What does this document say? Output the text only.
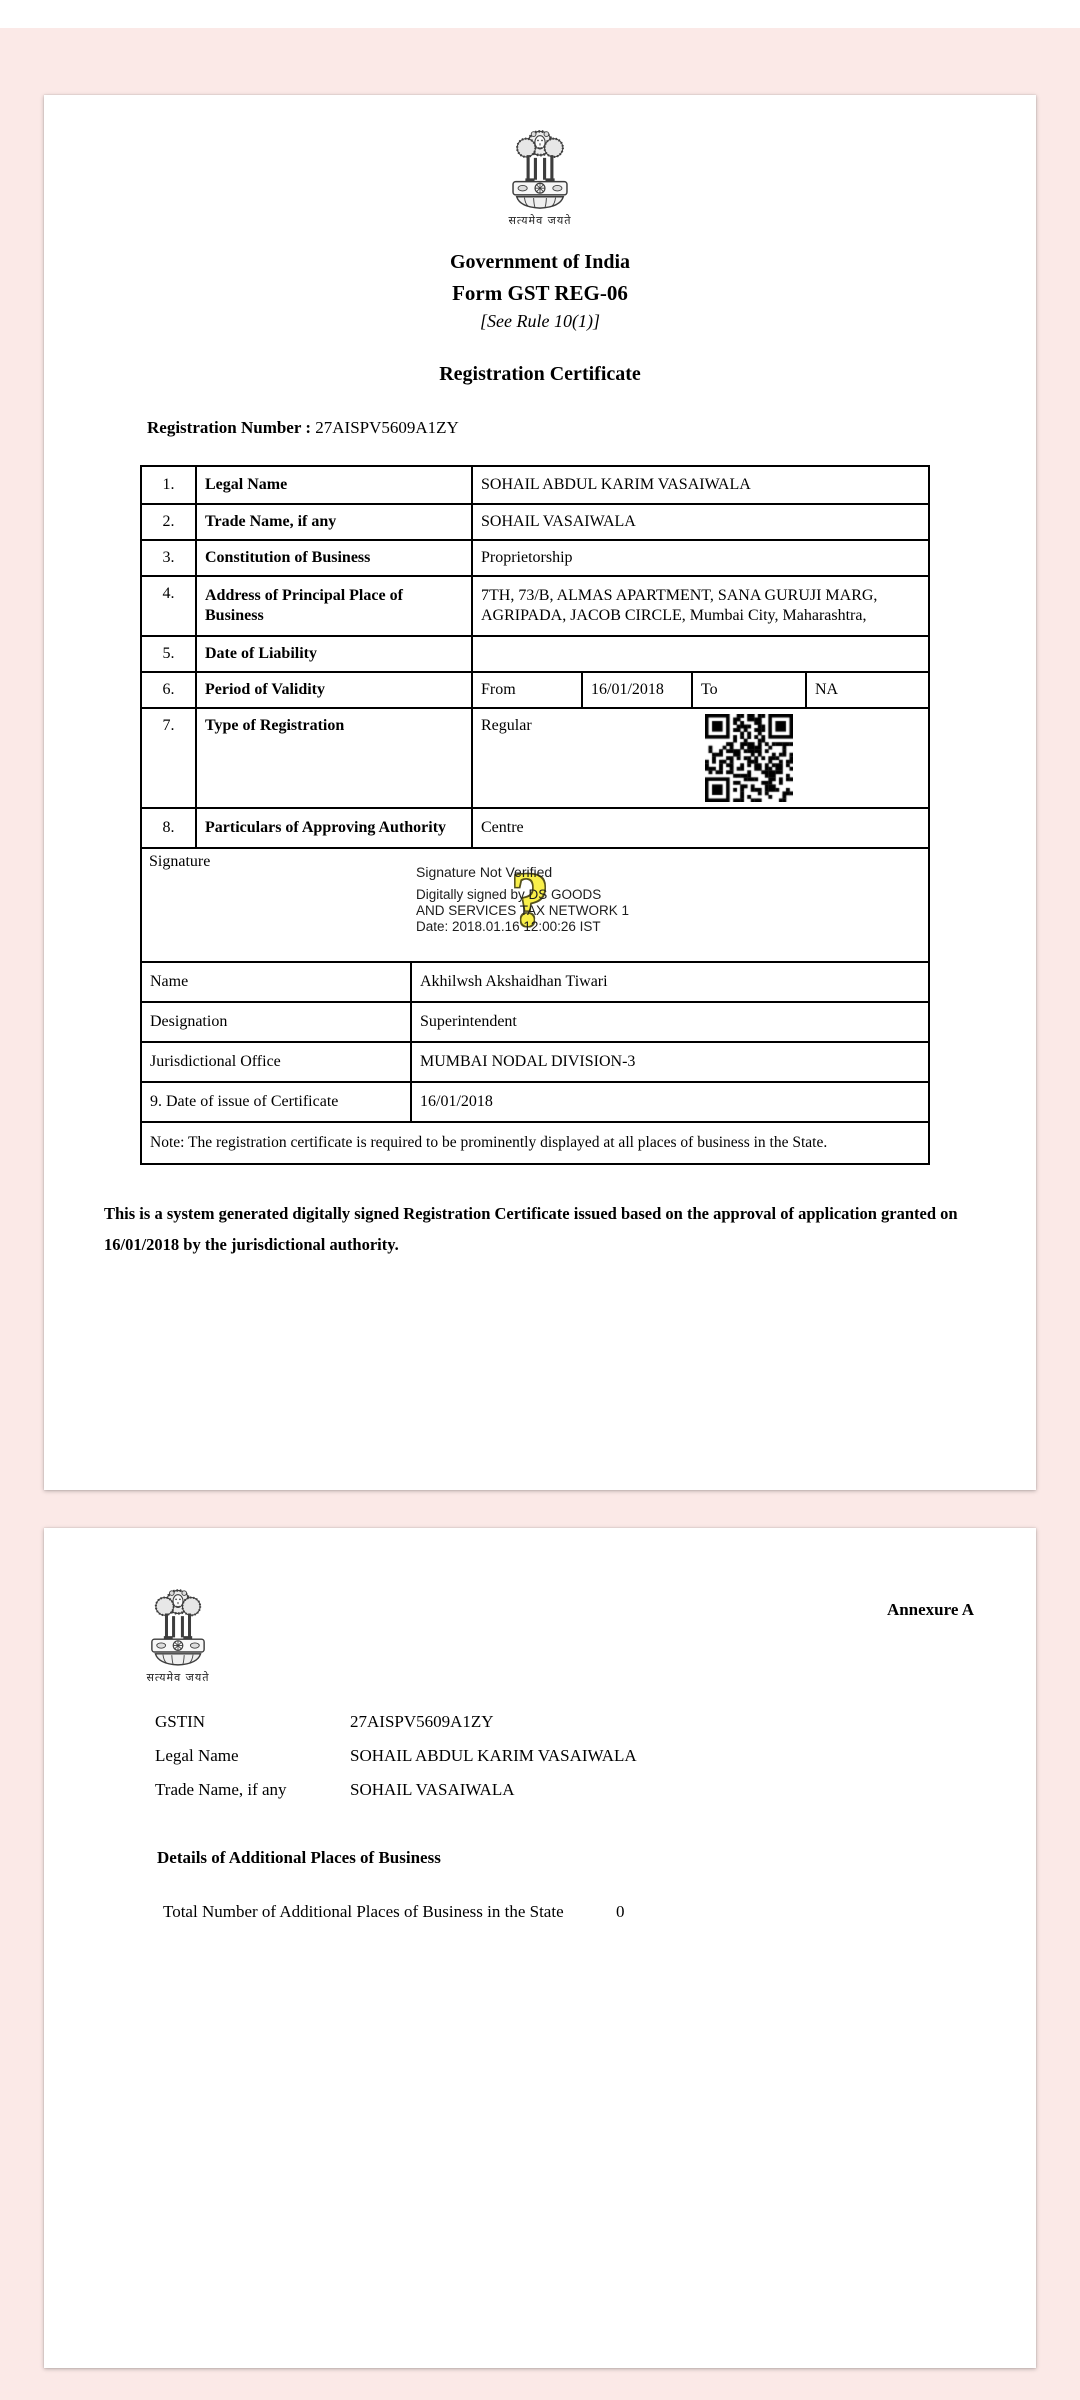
सत्यमेव जयते
Government of India
Form GST REG-06
[See Rule 10(1)]
Registration Certificate
Registration Number : 27AISPV5609A1ZY
1.	Legal Name	SOHAIL ABDUL KARIM VASAIWALA
2.	Trade Name, if any	SOHAIL VASAIWALA
3.	Constitution of Business	Proprietorship
4.	Address of Principal Place of Business
7TH, 73/B, ALMAS APARTMENT, SANA GURUJI MARG, AGRIPADA, JACOB CIRCLE, Mumbai City, Maharashtra,
5.	Date of Liability
6.	Period of Validity	From	16/01/2018	To	NA
7.	Type of Registration	Regular
8.	Particulars of Approving Authority	Centre
Signature	?
Signature Not Verified
Digitally signed by DS GOODS
AND SERVICES TAX NETWORK 1
Date: 2018.01.16 12:00:26 IST
Name	Akhilwsh Akshaidhan Tiwari
Designation	Superintendent
Jurisdictional Office	MUMBAI NODAL DIVISION-3
9. Date of issue of Certificate	16/01/2018
Note: The registration certificate is required to be prominently displayed at all places of business in the State.
This is a system generated digitally signed Registration Certificate issued based on the approval of application granted on 16/01/2018 by the jurisdictional authority.
Annexure A
सत्यमेव जयते
GSTIN	27AISPV5609A1ZY
Legal Name	SOHAIL ABDUL KARIM VASAIWALA
Trade Name, if any	SOHAIL VASAIWALA
Details of Additional Places of Business
Total Number of Additional Places of Business in the State	0
